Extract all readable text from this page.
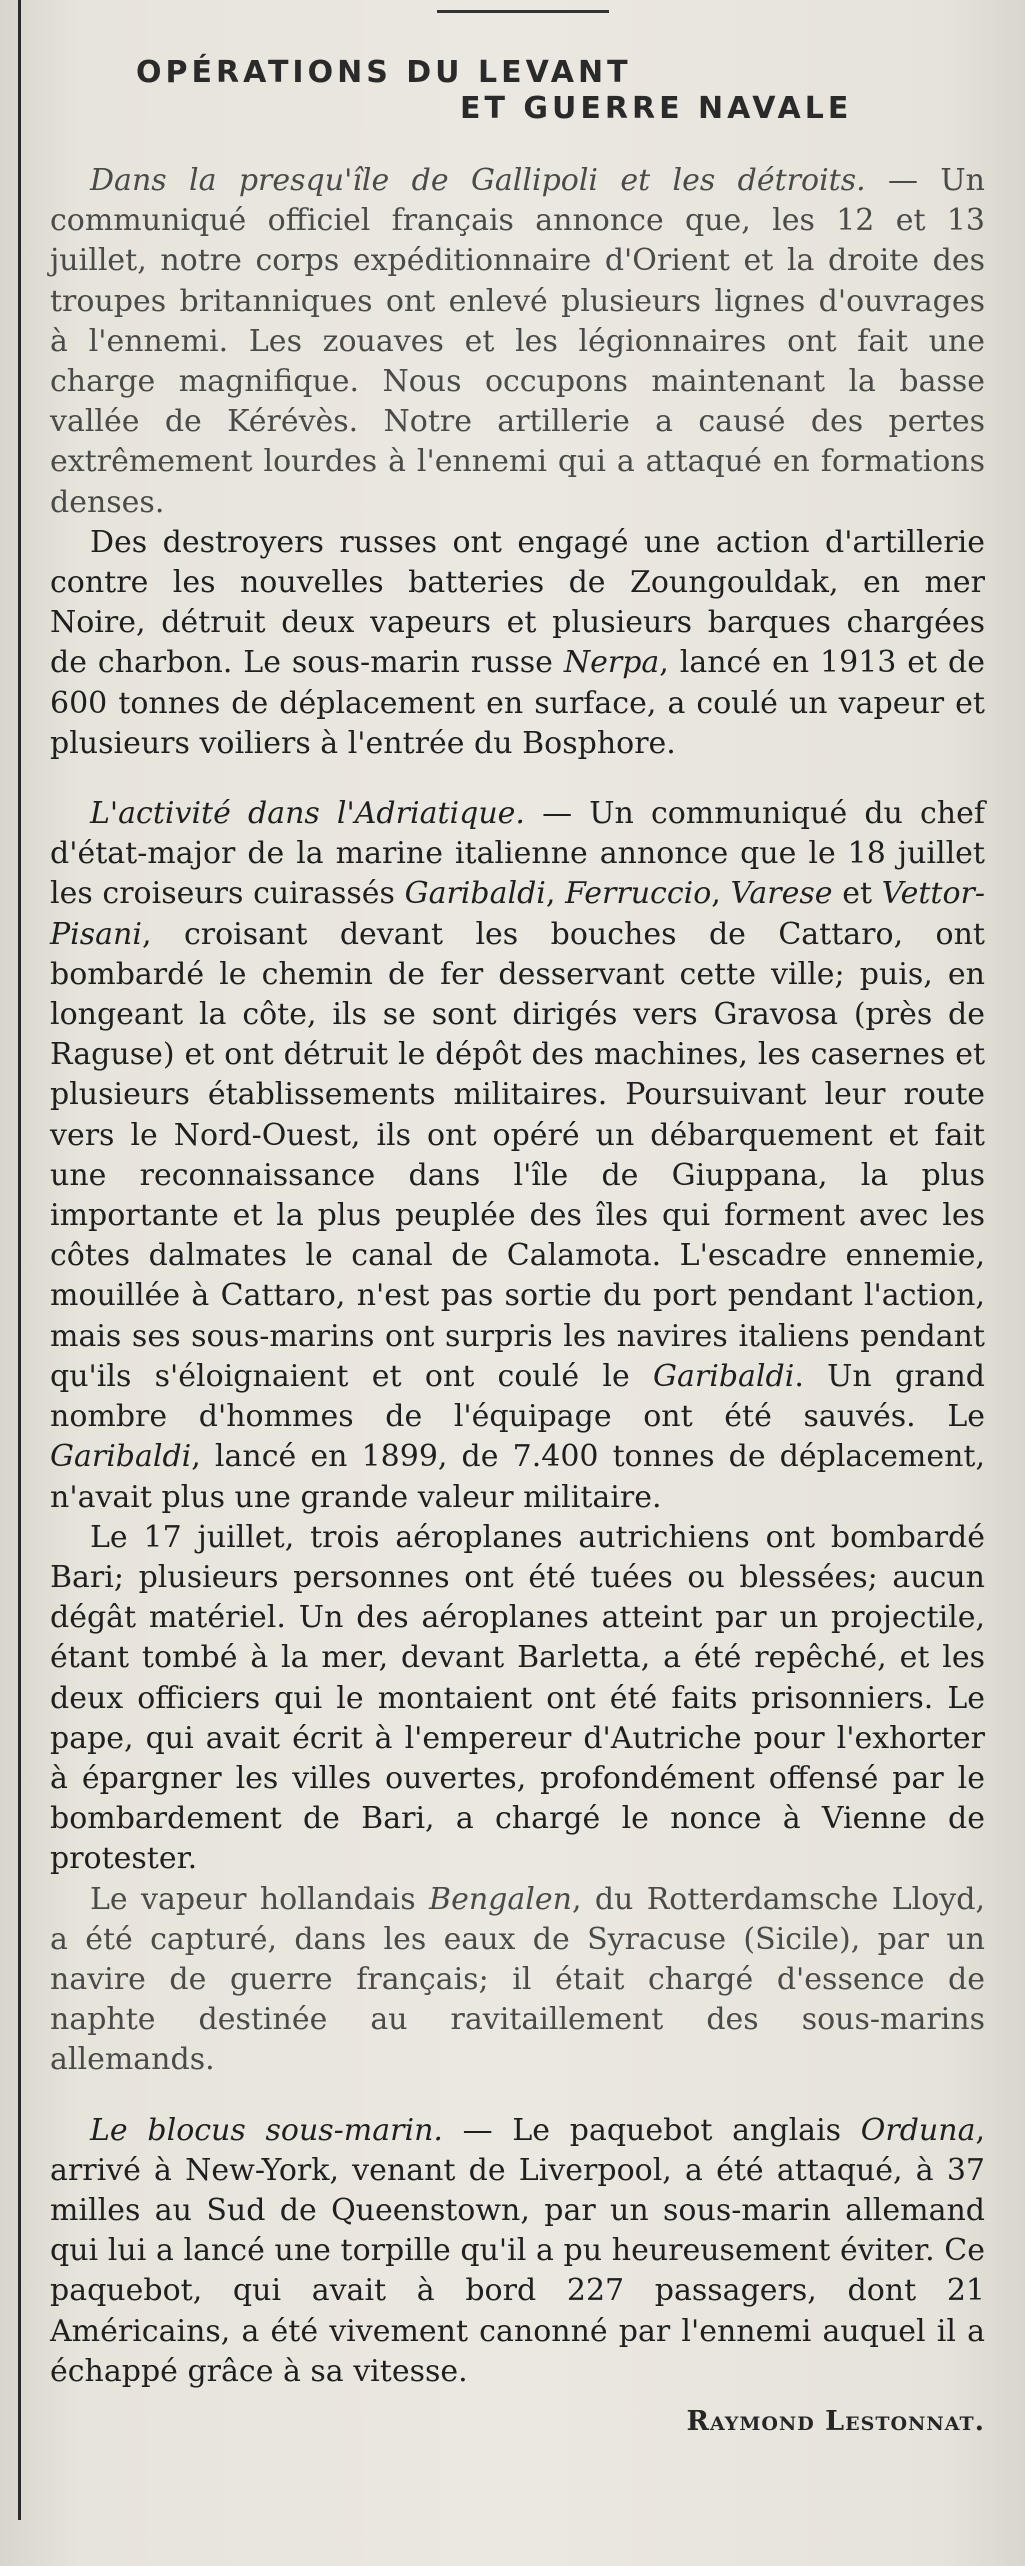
OPÉRATIONS DU LEVANT
ET GUERRE NAVALE

Dans la presqu'île de Gallipoli et les détroits. — Un communiqué officiel français annonce que, les 12 et 13 juillet, notre corps expéditionnaire d'Orient et la droite des troupes britanniques ont enlevé plusieurs lignes d'ouvrages à l'ennemi. Les zouaves et les légionnaires ont fait une charge magnifique. Nous occupons maintenant la basse vallée de Kérévès. Notre artillerie a causé des pertes extrêmement lourdes à l'ennemi qui a attaqué en formations denses.

Des destroyers russes ont engagé une action d'artillerie contre les nouvelles batteries de Zoungouldak, en mer Noire, détruit deux vapeurs et plusieurs barques chargées de charbon. Le sous-marin russe Nerpa, lancé en 1913 et de 600 tonnes de déplacement en surface, a coulé un vapeur et plusieurs voiliers à l'entrée du Bosphore.

L'activité dans l'Adriatique. — Un communiqué du chef d'état-major de la marine italienne annonce que le 18 juillet les croiseurs cuirassés Garibaldi, Ferruccio, Varese et Vettor-Pisani, croisant devant les bouches de Cattaro, ont bombardé le chemin de fer desservant cette ville; puis, en longeant la côte, ils se sont dirigés vers Gravosa (près de Raguse) et ont détruit le dépôt des machines, les casernes et plusieurs établissements militaires. Poursuivant leur route vers le Nord-Ouest, ils ont opéré un débarquement et fait une reconnaissance dans l'île de Giuppana, la plus importante et la plus peuplée des îles qui forment avec les côtes dalmates le canal de Calamota. L'escadre ennemie, mouillée à Cattaro, n'est pas sortie du port pendant l'action, mais ses sous-marins ont surpris les navires italiens pendant qu'ils s'éloignaient et ont coulé le Garibaldi. Un grand nombre d'hommes de l'équipage ont été sauvés. Le Garibaldi, lancé en 1899, de 7.400 tonnes de déplacement, n'avait plus une grande valeur militaire.

Le 17 juillet, trois aéroplanes autrichiens ont bombardé Bari; plusieurs personnes ont été tuées ou blessées; aucun dégât matériel. Un des aéroplanes atteint par un projectile, étant tombé à la mer, devant Barletta, a été repêché, et les deux officiers qui le montaient ont été faits prisonniers. Le pape, qui avait écrit à l'empereur d'Autriche pour l'exhorter à épargner les villes ouvertes, profondément offensé par le bombardement de Bari, a chargé le nonce à Vienne de protester.

Le vapeur hollandais Bengalen, du Rotterdamsche Lloyd, a été capturé, dans les eaux de Syracuse (Sicile), par un navire de guerre français; il était chargé d'essence de naphte destinée au ravitaillement des sous-marins allemands.

Le blocus sous-marin. — Le paquebot anglais Orduna, arrivé à New-York, venant de Liverpool, a été attaqué, à 37 milles au Sud de Queenstown, par un sous-marin allemand qui lui a lancé une torpille qu'il a pu heureusement éviter. Ce paquebot, qui avait à bord 227 passagers, dont 21 Américains, a été vivement canonné par l'ennemi auquel il a échappé grâce à sa vitesse.

Raymond Lestonnat.
